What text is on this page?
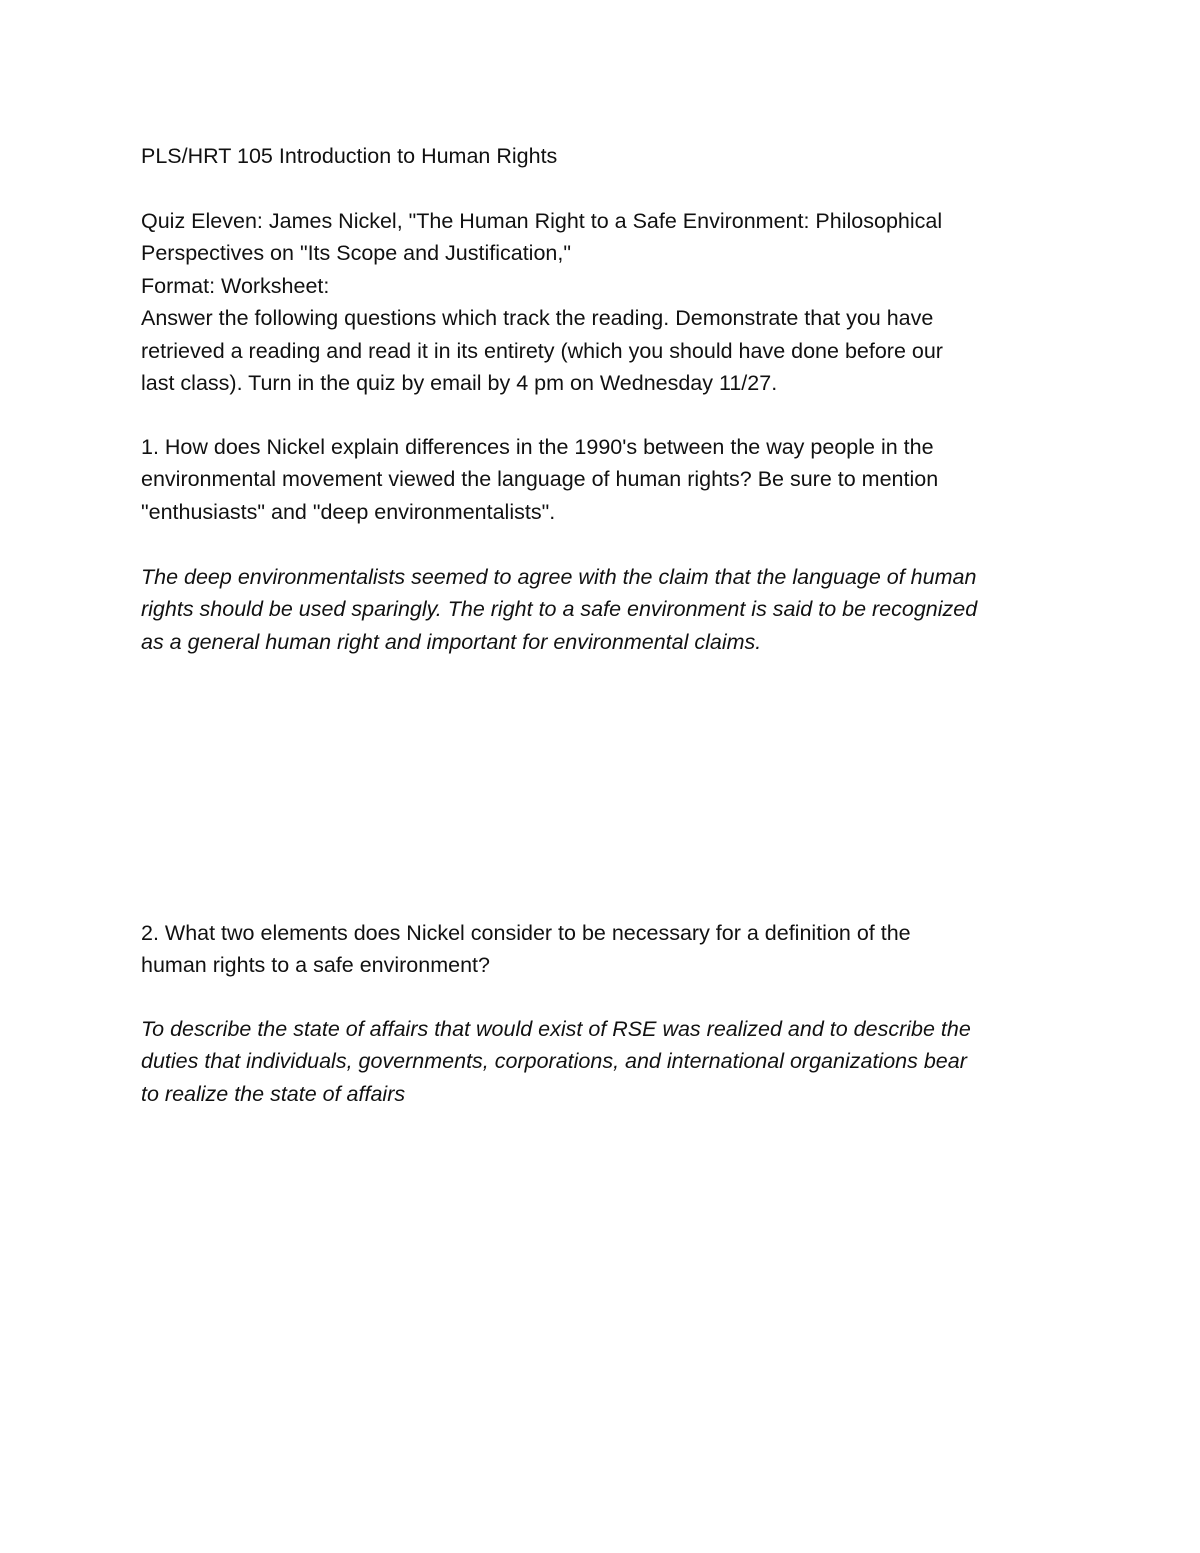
PLS/HRT 105 Introduction to Human Rights

Quiz Eleven: James Nickel, "The Human Right to a Safe Environment: Philosophical
Perspectives on "Its Scope and Justification,"
Format: Worksheet:
Answer the following questions which track the reading. Demonstrate that you have
retrieved a reading and read it in its entirety (which you should have done before our
last class). Turn in the quiz by email by 4 pm on Wednesday 11/27.

1. How does Nickel explain differences in the 1990's between the way people in the
environmental movement viewed the language of human rights? Be sure to mention
"enthusiasts" and "deep environmentalists".

The deep environmentalists seemed to agree with the claim that the language of human
rights should be used sparingly. The right to a safe environment is said to be recognized
as a general human right and important for environmental claims.

2. What two elements does Nickel consider to be necessary for a definition of the
human rights to a safe environment?

To describe the state of affairs that would exist of RSE was realized and to describe the
duties that individuals, governments, corporations, and international organizations bear
to realize the state of affairs
